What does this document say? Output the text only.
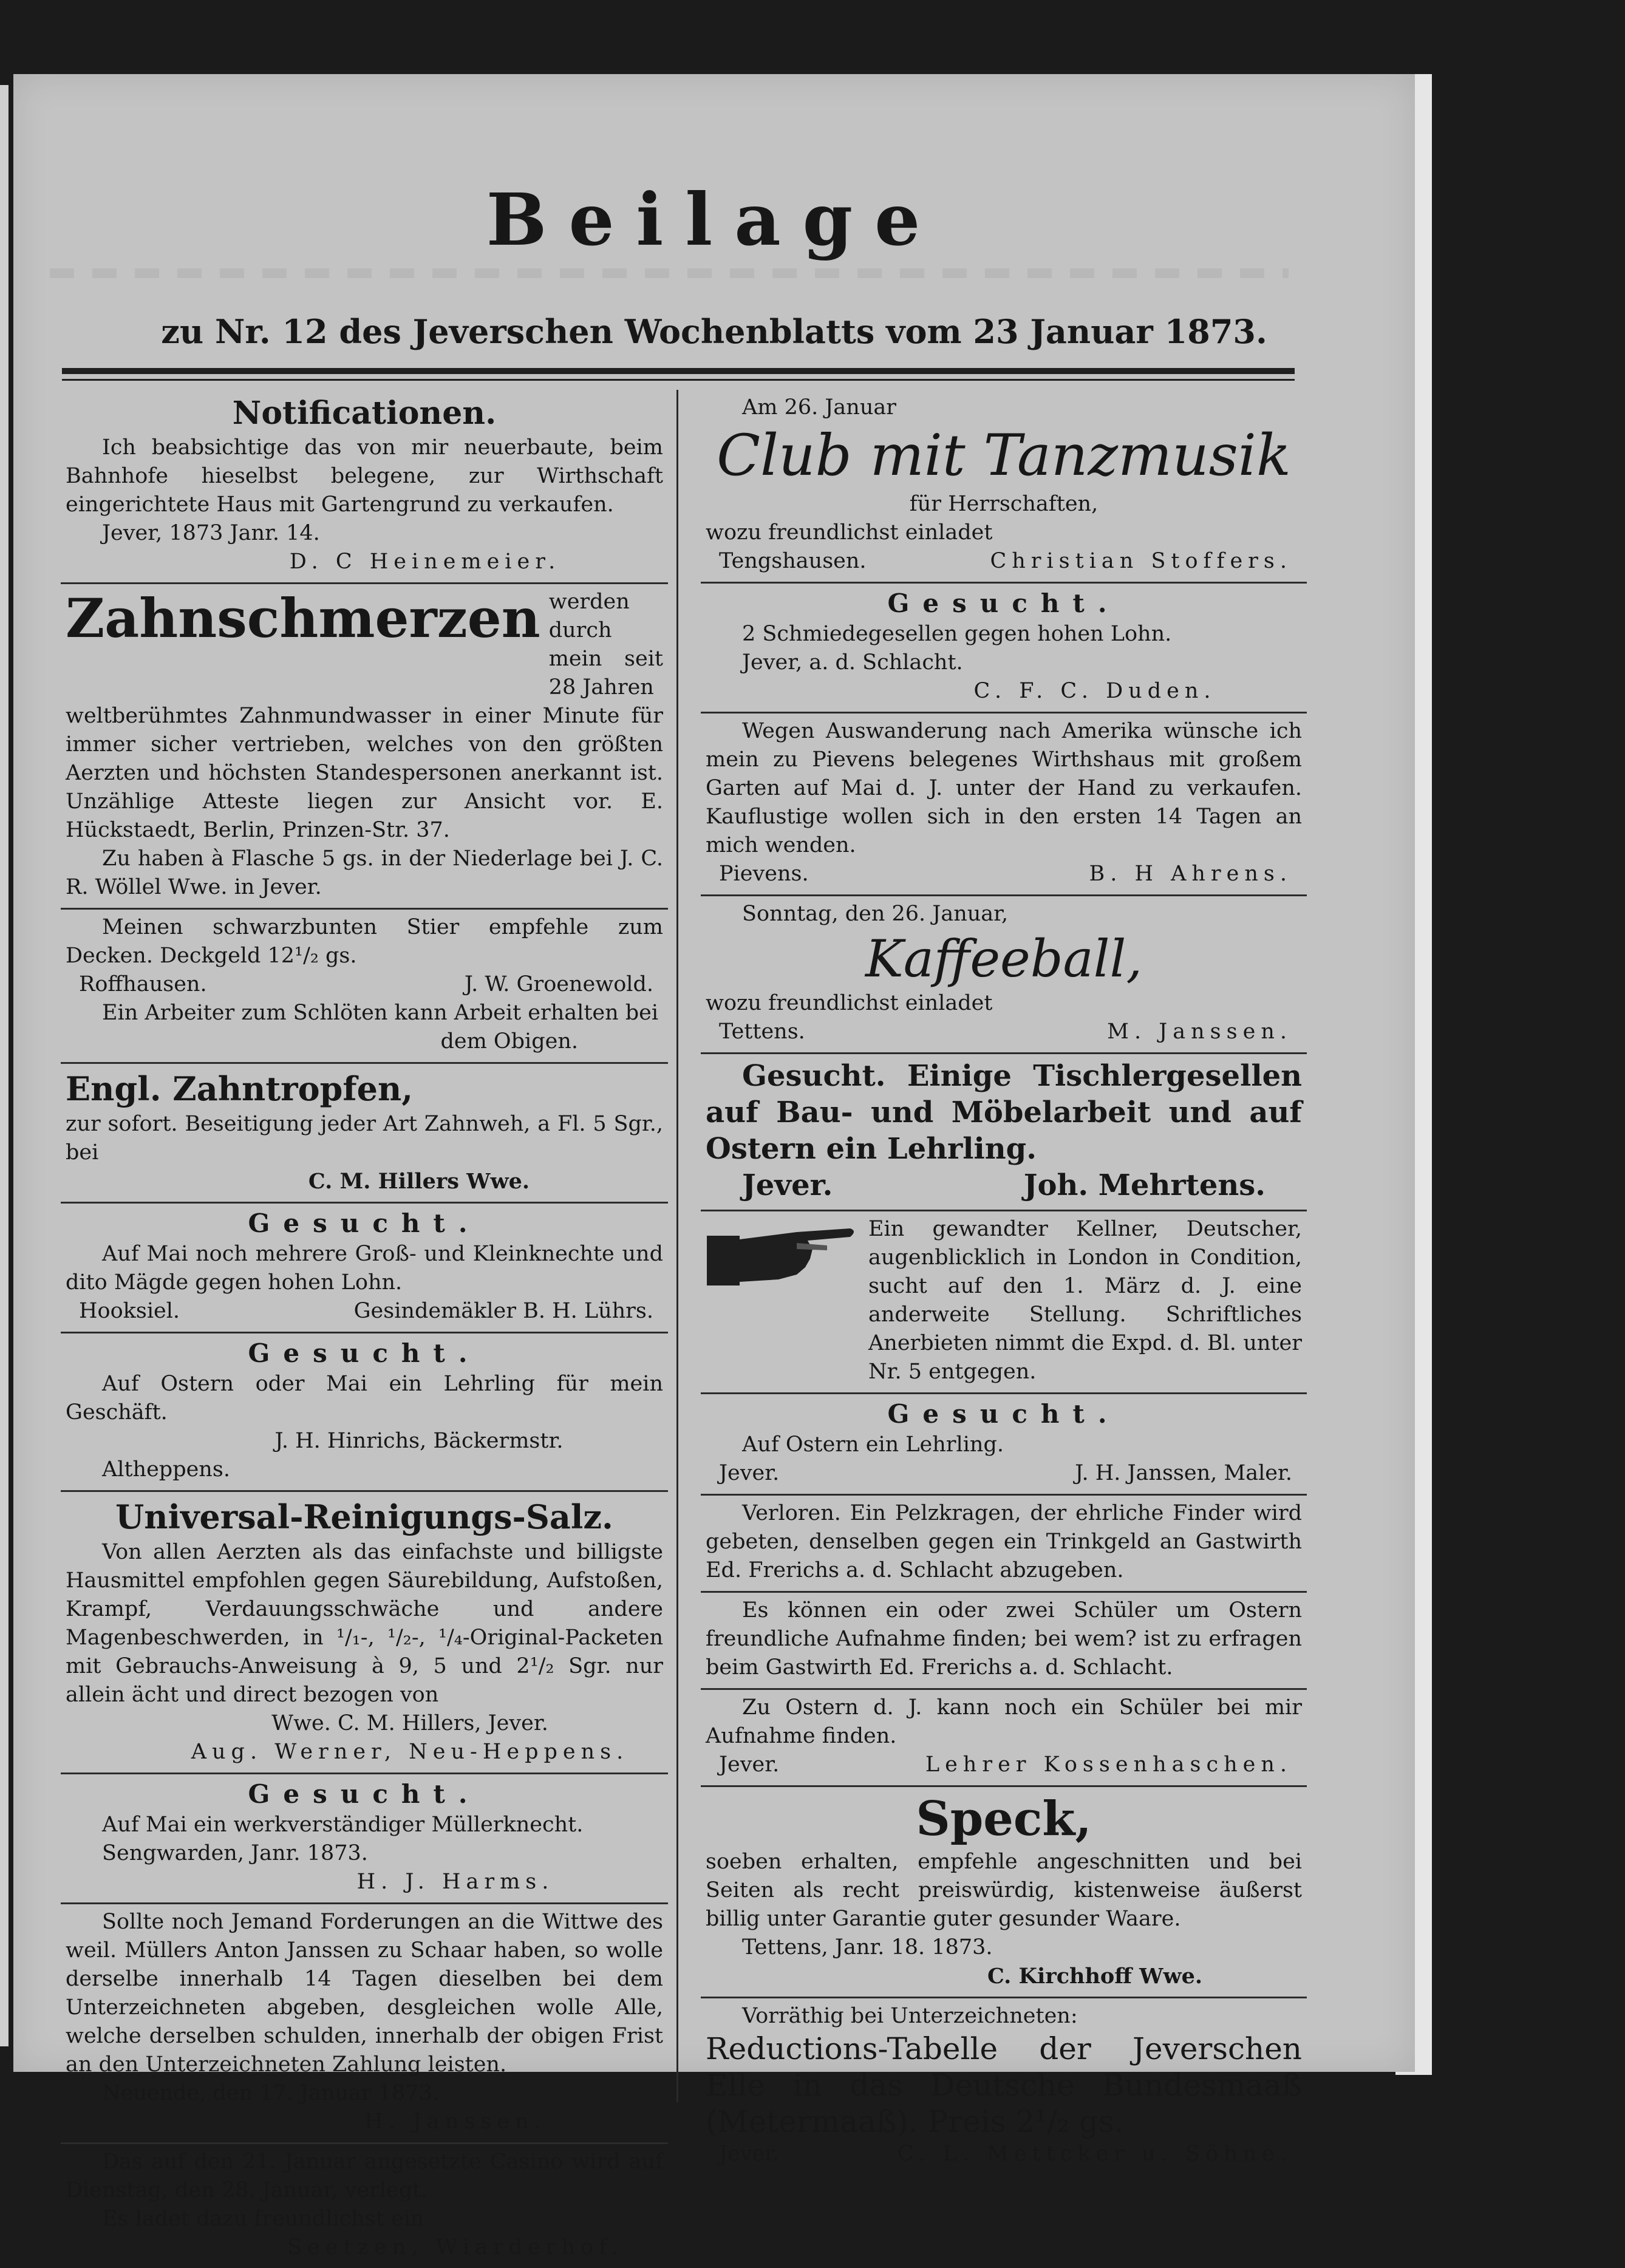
Beilage
zu Nr. 12 des Jeverschen Wochenblatts vom 23 Januar 1873.
Notificationen.

Ich beabsichtige das von mir neuerbaute, beim Bahnhofe hieselbst belegene, zur Wirthschaft eingerichtete Haus mit Gartengrund zu verkaufen.

Jever, 1873 Janr. 14.

D. C Heinemeier.

Zahnschmerzen werden durch mein seit 28 Jahren

weltberühmtes Zahnmundwasser in einer Minute für immer sicher vertrieben, welches von den größten Aerzten und höchsten Standespersonen anerkannt ist. Unzählige Atteste liegen zur Ansicht vor. E. Hückstaedt, Berlin, Prinzen-Str. 37.

Zu haben à Flasche 5 gs. in der Niederlage bei J. C. R. Wöllel Wwe. in Jever.

Meinen schwarzbunten Stier empfehle zum Decken. Deckgeld 12¹/₂ gs.

Roffhausen.	J. W. Groenewold.

Ein Arbeiter zum Schlöten kann Arbeit erhalten bei

dem Obigen.

Engl. Zahntropfen,

zur sofort. Beseitigung jeder Art Zahnweh, a Fl. 5 Sgr., bei

C. M. Hillers Wwe.

Gesucht.

Auf Mai noch mehrere Groß- und Kleinknechte und dito Mägde gegen hohen Lohn.

Hooksiel.	Gesindemäkler B. H. Lührs.
Gesucht.

Auf Ostern oder Mai ein Lehrling für mein Geschäft.

J. H. Hinrichs, Bäckermstr.

Altheppens.

Universal-Reinigungs-Salz.

Von allen Aerzten als das einfachste und billigste Hausmittel empfohlen gegen Säurebildung, Aufstoßen, Krampf, Verdauungsschwäche und andere Magenbeschwerden, in ¹/₁-, ¹/₂-, ¹/₄-Original-Packeten mit Gebrauchs-Anweisung à 9, 5 und 2¹/₂ Sgr. nur allein ächt und direct bezogen von

Wwe. C. M. Hillers, Jever.

Aug. Werner, Neu-Heppens.

Gesucht.

Auf Mai ein werkverständiger Müllerknecht.

Sengwarden, Janr. 1873.

H. J. Harms.

Sollte noch Jemand Forderungen an die Wittwe des weil. Müllers Anton Janssen zu Schaar haben, so wolle derselbe innerhalb 14 Tagen dieselben bei dem Unterzeichneten abgeben, desgleichen wolle Alle, welche derselben schulden, innerhalb der obigen Frist an den Unterzeichneten Zahlung leisten.

Neuende, den 17. Januar 1873.

H. Janssen.

Das auf den 21. Januar angesetzte Casino wird auf Dienstag, den 28. Januar, verlegt.

Es ladet dazu freundlichst ein

Seetzen, Wiarderhof.

Am 26. Januar

Club mit Tanzmusik

für Herrschaften,

wozu freundlichst einladet

Tengshausen.	Christian Stoffers.
Gesucht.

2 Schmiedegesellen gegen hohen Lohn.

Jever, a. d. Schlacht.

C. F. C. Duden.

Wegen Auswanderung nach Amerika wünsche ich mein zu Pievens belegenes Wirthshaus mit großem Garten auf Mai d. J. unter der Hand zu verkaufen. Kauflustige wollen sich in den ersten 14 Tagen an mich wenden.

Pievens.	B. H Ahrens.

Sonntag, den 26. Januar,

Kaffeeball,

wozu freundlichst einladet

Tettens.	M. Janssen.

Gesucht. Einige Tischlergesellen auf Bau- und Möbelarbeit und auf Ostern ein Lehrling.

Jever.	Joh. Mehrtens.

Ein gewandter Kellner, Deutscher, augenblicklich in London in Condition, sucht auf den 1. März d. J. eine anderweite Stellung. Schriftliches Anerbieten nimmt die Expd. d. Bl. unter Nr. 5 entgegen.

Gesucht.

Auf Ostern ein Lehrling.

Jever.	J. H. Janssen, Maler.

Verloren. Ein Pelzkragen, der ehrliche Finder wird gebeten, denselben gegen ein Trinkgeld an Gastwirth Ed. Frerichs a. d. Schlacht abzugeben.

Es können ein oder zwei Schüler um Ostern freundliche Aufnahme finden; bei wem? ist zu erfragen beim Gastwirth Ed. Frerichs a. d. Schlacht.

Zu Ostern d. J. kann noch ein Schüler bei mir Aufnahme finden.

Jever.	Lehrer Kossenhaschen.
Speck,

soeben erhalten, empfehle angeschnitten und bei Seiten als recht preiswürdig, kistenweise äußerst billig unter Garantie guter gesunder Waare.

Tettens, Janr. 18. 1873.

C. Kirchhoff Wwe.

Vorräthig bei Unterzeichneten:

Reductions-Tabelle der Jeverschen Elle in das Deutsche Bundesmaaß (Metermaaß). Preis 2¹/₂ gs.

Jever.	C. L. Mettcker u. Söhne.
